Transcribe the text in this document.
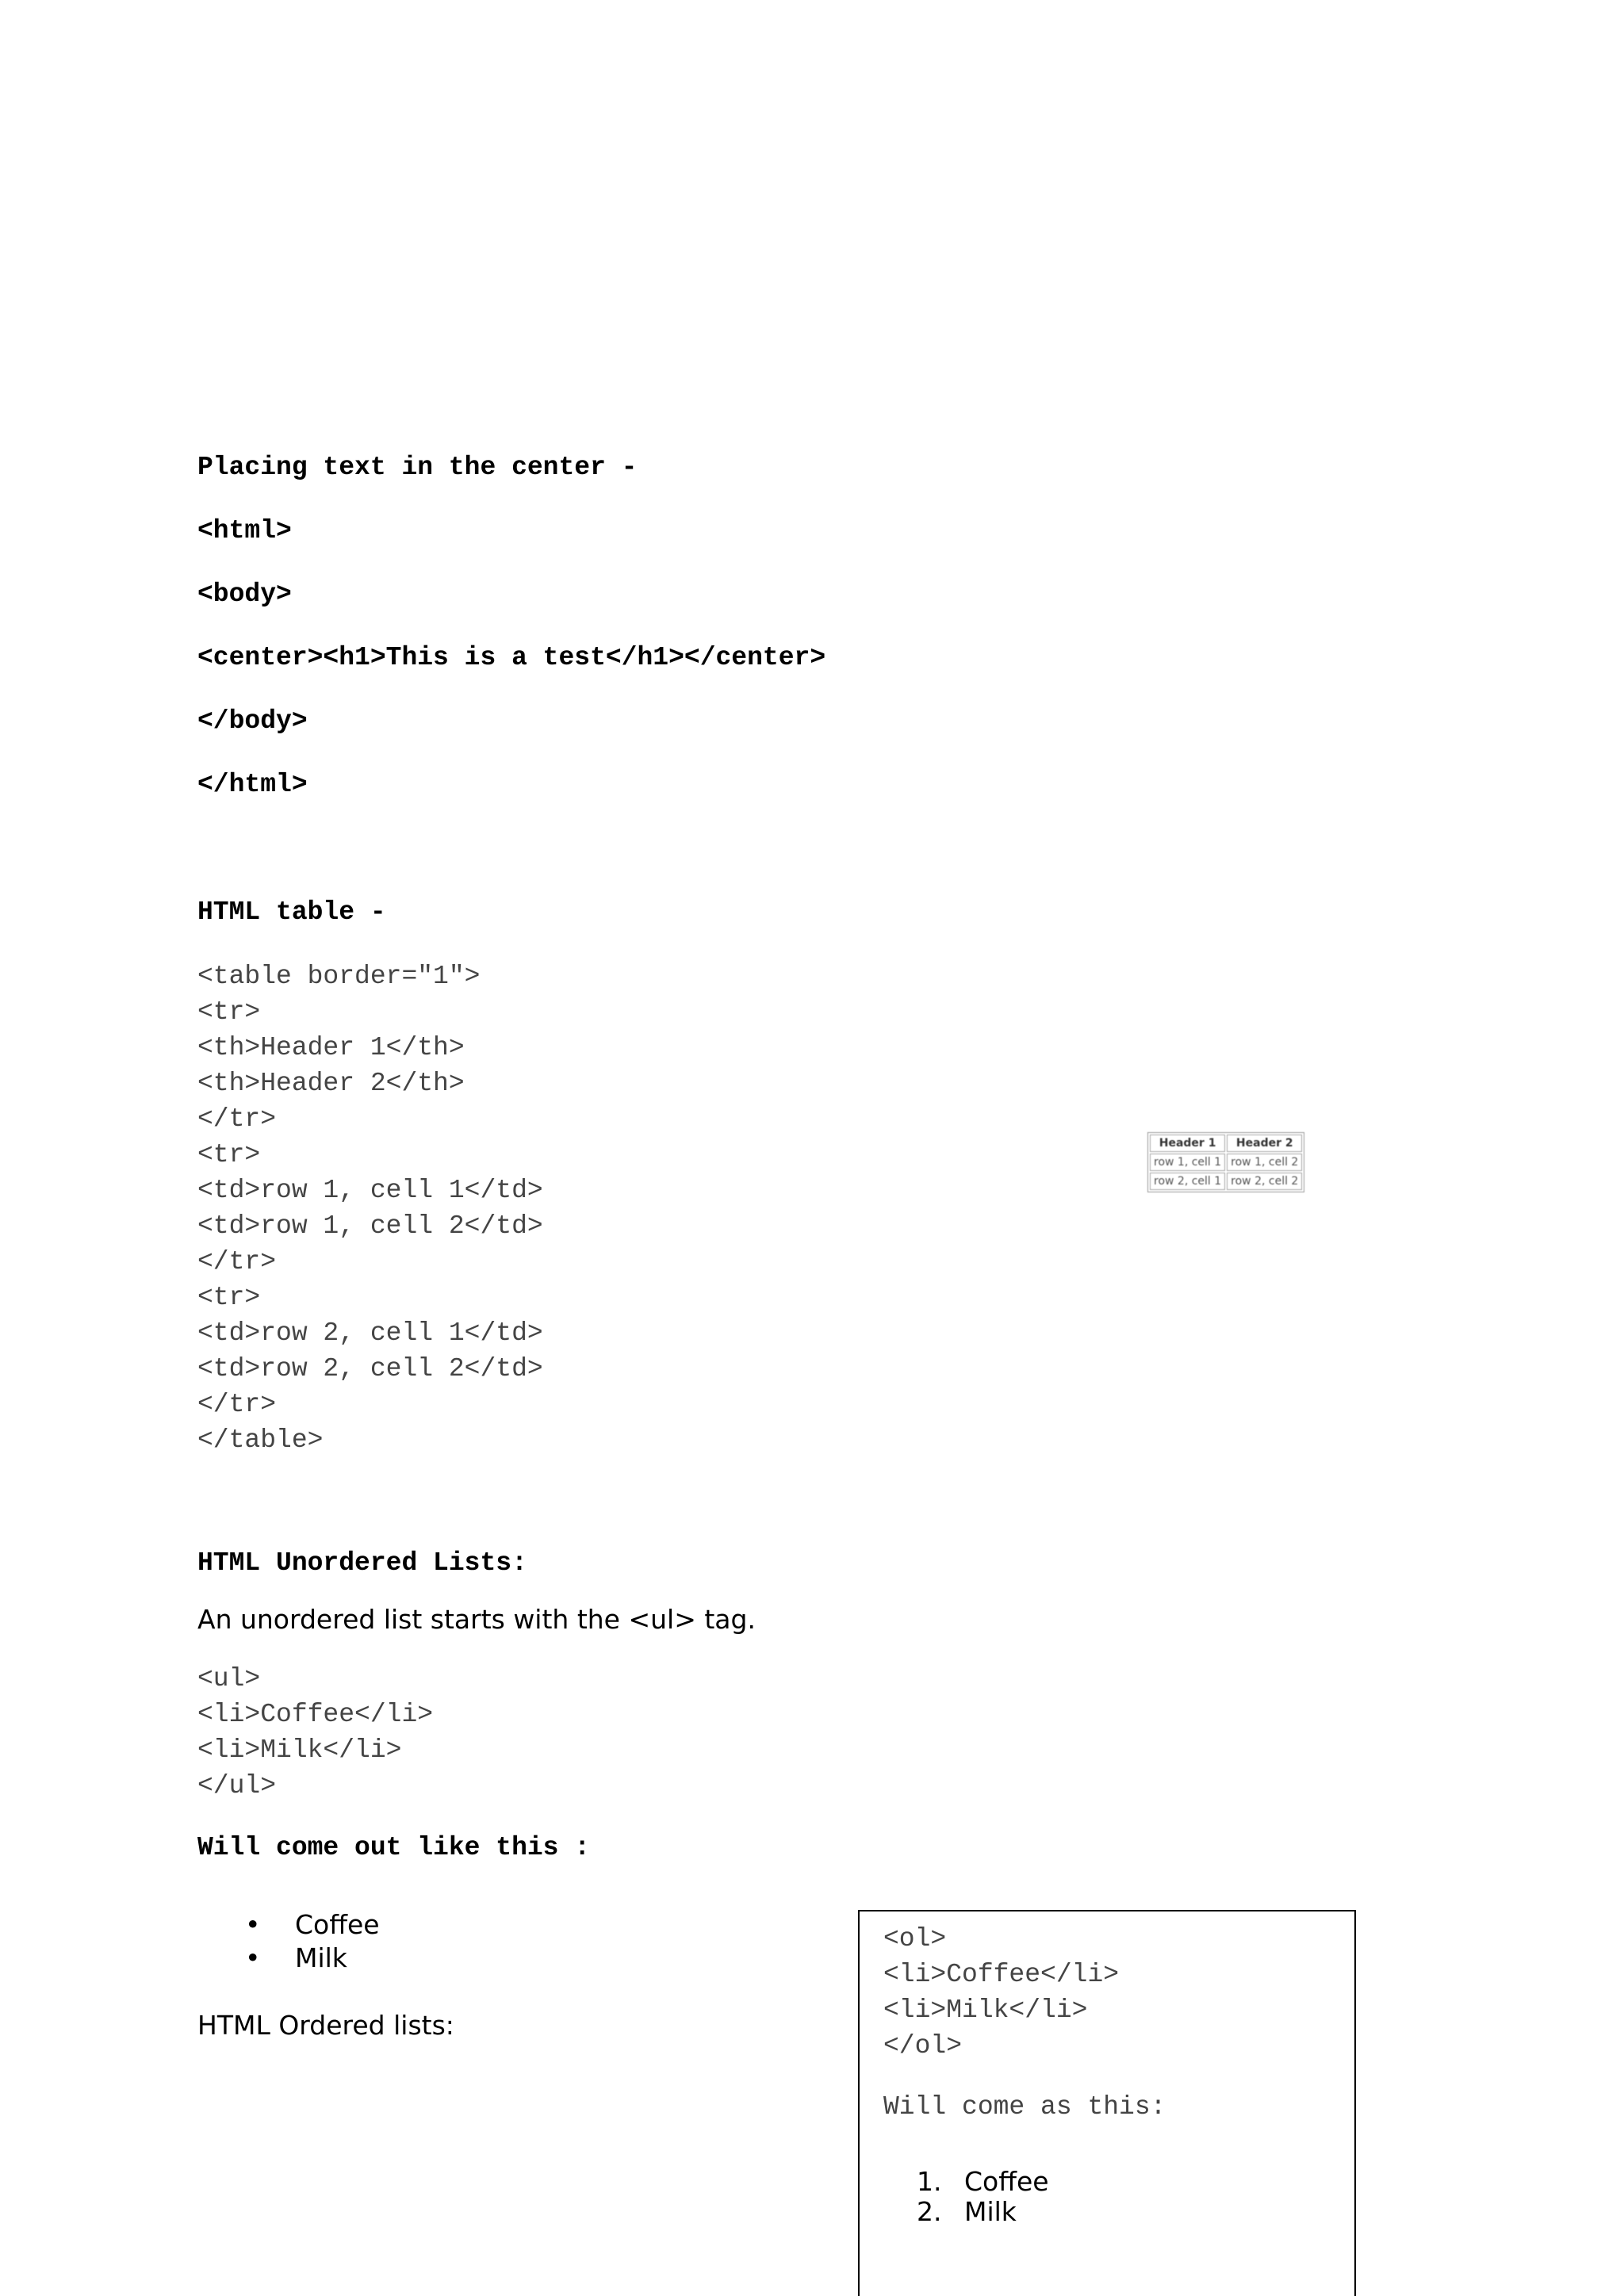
Placing text in the center -
<html>
<body>
<center><h1>This is a test</h1></center>
</body>
</html>
HTML table -
<table border="1">
<tr>
<th>Header 1</th>
<th>Header 2</th>
</tr>
<tr>
<td>row 1, cell 1</td>
<td>row 1, cell 2</td>
</tr>
<tr>
<td>row 2, cell 1</td>
<td>row 2, cell 2</td>
</tr>
</table>
Header 1	Header 2
row 1, cell 1	row 1, cell 2
row 2, cell 1	row 2, cell 2
HTML Unordered Lists:
An unordered list starts with the <ul> tag.
<ul>
<li>Coffee</li>
<li>Milk</li>
</ul>
Will come out like this :
• Coffee
• Milk
HTML Ordered lists:
<ol>
<li>Coffee</li>
<li>Milk</li>
</ol>
Will come as this:
1. Coffee
2. Milk
